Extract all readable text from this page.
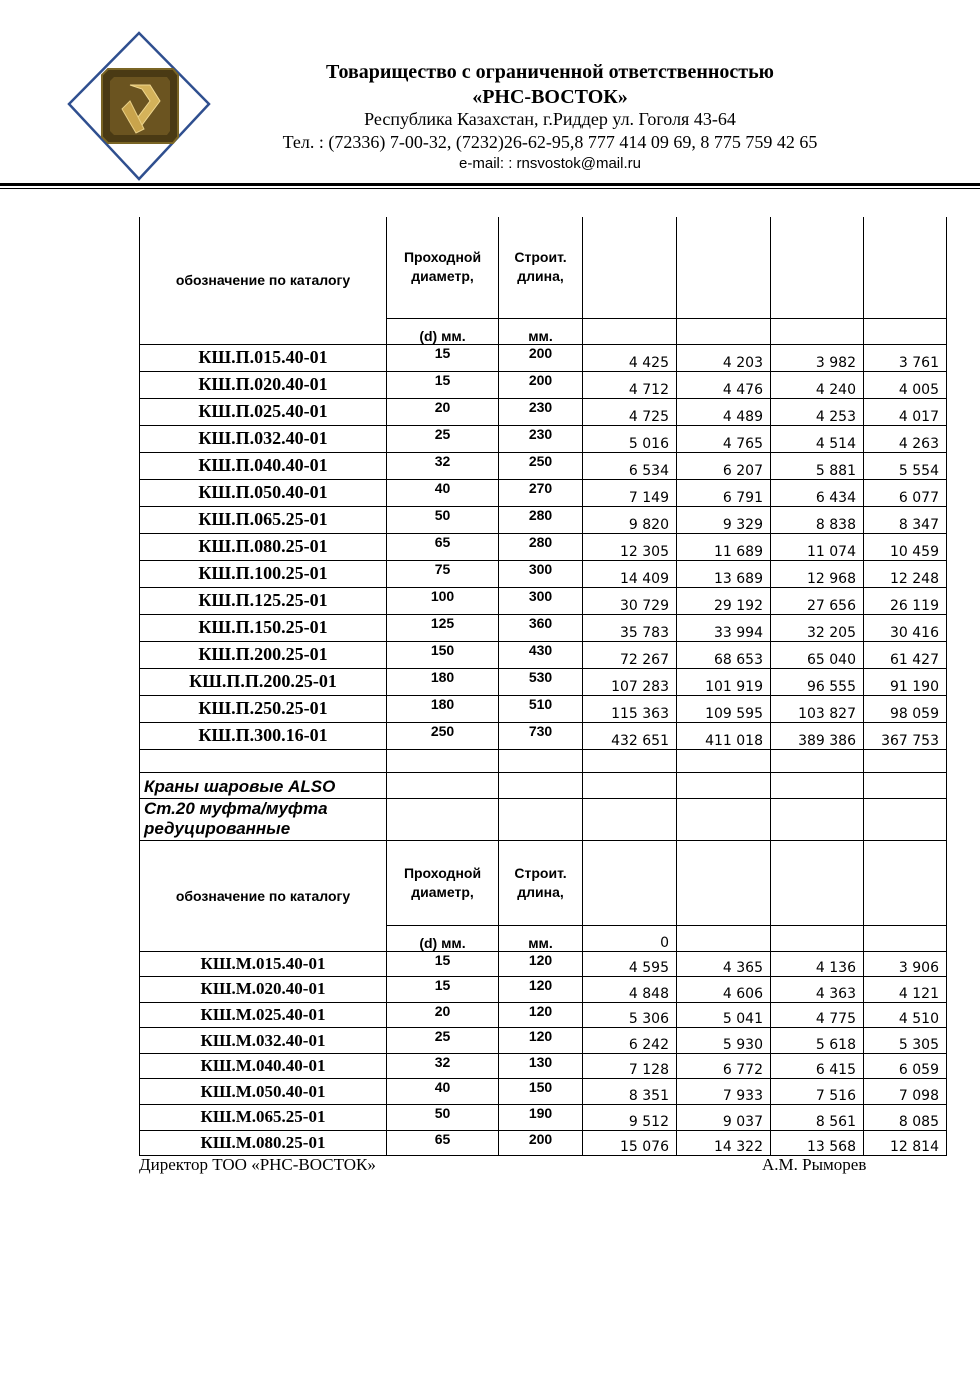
Товарищество с ограниченной ответственностью
«РНС-ВОСТОК»
Республика Казахстан, г.Риддер ул. Гоголя 43-64
Тел. : (72336) 7-00-32, (7232)26-62-95,8 777 414 09 69, 8 775 759 42 65
e-mail: : rnsvostok@mail.ru
обозначение по каталогу	Проходной диаметр,	Строит. длина,				
	(d) мм.	мм.				
КШ.П.015.40-01	15	200	4 425	4 203	3 982	3 761
КШ.П.020.40-01	15	200	4 712	4 476	4 240	4 005
КШ.П.025.40-01	20	230	4 725	4 489	4 253	4 017
КШ.П.032.40-01	25	230	5 016	4 765	4 514	4 263
КШ.П.040.40-01	32	250	6 534	6 207	5 881	5 554
КШ.П.050.40-01	40	270	7 149	6 791	6 434	6 077
КШ.П.065.25-01	50	280	9 820	9 329	8 838	8 347
КШ.П.080.25-01	65	280	12 305	11 689	11 074	10 459
КШ.П.100.25-01	75	300	14 409	13 689	12 968	12 248
КШ.П.125.25-01	100	300	30 729	29 192	27 656	26 119
КШ.П.150.25-01	125	360	35 783	33 994	32 205	30 416
КШ.П.200.25-01	150	430	72 267	68 653	65 040	61 427
КШ.П.П.200.25-01	180	530	107 283	101 919	96 555	91 190
КШ.П.250.25-01	180	510	115 363	109 595	103 827	98 059
КШ.П.300.16-01	250	730	432 651	411 018	389 386	367 753

Краны шаровые ALSO						
Ст.20 муфта/муфта редуцированные						
обозначение по каталогу	Проходной диаметр,	Строит. длина,				
	(d) мм.	мм.	0			
КШ.М.015.40-01	15	120	4 595	4 365	4 136	3 906
КШ.М.020.40-01	15	120	4 848	4 606	4 363	4 121
КШ.М.025.40-01	20	120	5 306	5 041	4 775	4 510
КШ.М.032.40-01	25	120	6 242	5 930	5 618	5 305
КШ.М.040.40-01	32	130	7 128	6 772	6 415	6 059
КШ.М.050.40-01	40	150	8 351	7 933	7 516	7 098
КШ.М.065.25-01	50	190	9 512	9 037	8 561	8 085
КШ.М.080.25-01	65	200	15 076	14 322	13 568	12 814
Директор ТОО «РНС-ВОСТОК»	А.М. Рыморев
